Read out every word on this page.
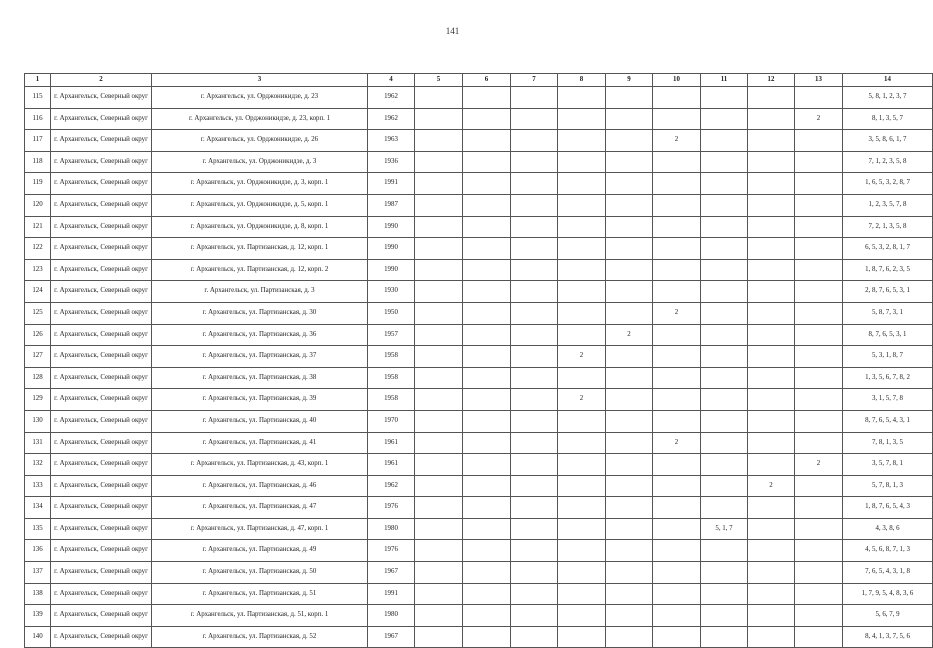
141
1	2	3	4	5	6	7	8	9	10	11	12	13	14
115	г. Архангельск, Северный округ	г. Архангельск, ул. Орджоникидзе, д. 23	1962										5, 8, 1, 2, 3, 7
116	г. Архангельск, Северный округ	г. Архангельск, ул. Орджоникидзе, д. 23, корп. 1	1962									2	8, 1, 3, 5, 7
117	г. Архангельск, Северный округ	г. Архангельск, ул. Орджоникидзе, д. 26	1963						2				3, 5, 8, 6, 1, 7
118	г. Архангельск, Северный округ	г. Архангельск, ул. Орджоникидзе, д. 3	1936										7, 1, 2, 3, 5, 8
119	г. Архангельск, Северный округ	г. Архангельск, ул. Орджоникидзе, д. 3, корп. 1	1991										1, 6, 5, 3, 2, 8, 7
120	г. Архангельск, Северный округ	г. Архангельск, ул. Орджоникидзе, д. 5, корп. 1	1987										1, 2, 3, 5, 7, 8
121	г. Архангельск, Северный округ	г. Архангельск, ул. Орджоникидзе, д. 8, корп. 1	1990										7, 2, 1, 3, 5, 8
122	г. Архангельск, Северный округ	г. Архангельск, ул. Партизанская, д. 12, корп. 1	1990										6, 5, 3, 2, 8, 1, 7
123	г. Архангельск, Северный округ	г. Архангельск, ул. Партизанская, д. 12, корп. 2	1990										1, 8, 7, 6, 2, 3, 5
124	г. Архангельск, Северный округ	г. Архангельск, ул. Партизанская, д. 3	1930										2, 8, 7, 6, 5, 3, 1
125	г. Архангельск, Северный округ	г. Архангельск, ул. Партизанская, д. 30	1950						2				5, 8, 7, 3, 1
126	г. Архангельск, Северный округ	г. Архангельск, ул. Партизанская, д. 36	1957					2					8, 7, 6, 5, 3, 1
127	г. Архангельск, Северный округ	г. Архангельск, ул. Партизанская, д. 37	1958				2						5, 3, 1, 8, 7
128	г. Архангельск, Северный округ	г. Архангельск, ул. Партизанская, д. 38	1958										1, 3, 5, 6, 7, 8, 2
129	г. Архангельск, Северный округ	г. Архангельск, ул. Партизанская, д. 39	1958				2						3, 1, 5, 7, 8
130	г. Архангельск, Северный округ	г. Архангельск, ул. Партизанская, д. 40	1970										8, 7, 6, 5, 4, 3, 1
131	г. Архангельск, Северный округ	г. Архангельск, ул. Партизанская, д. 41	1961						2				7, 8, 1, 3, 5
132	г. Архангельск, Северный округ	г. Архангельск, ул. Партизанская, д. 43, корп. 1	1961									2	3, 5, 7, 8, 1
133	г. Архангельск, Северный округ	г. Архангельск, ул. Партизанская, д. 46	1962								2		5, 7, 8, 1, 3
134	г. Архангельск, Северный округ	г. Архангельск, ул. Партизанская, д. 47	1976										1, 8, 7, 6, 5, 4, 3
135	г. Архангельск, Северный округ	г. Архангельск, ул. Партизанская, д. 47, корп. 1	1980							5, 1, 7			4, 3, 8, 6
136	г. Архангельск, Северный округ	г. Архангельск, ул. Партизанская, д. 49	1976										4, 5, 6, 8, 7, 1, 3
137	г. Архангельск, Северный округ	г. Архангельск, ул. Партизанская, д. 50	1967										7, 6, 5, 4, 3, 1, 8
138	г. Архангельск, Северный округ	г. Архангельск, ул. Партизанская, д. 51	1991										1, 7, 9, 5, 4, 8, 3, 6
139	г. Архангельск, Северный округ	г. Архангельск, ул. Партизанская, д. 51, корп. 1	1980										5, 6, 7, 9
140	г. Архангельск, Северный округ	г. Архангельск, ул. Партизанская, д. 52	1967										8, 4, 1, 3, 7, 5, 6
